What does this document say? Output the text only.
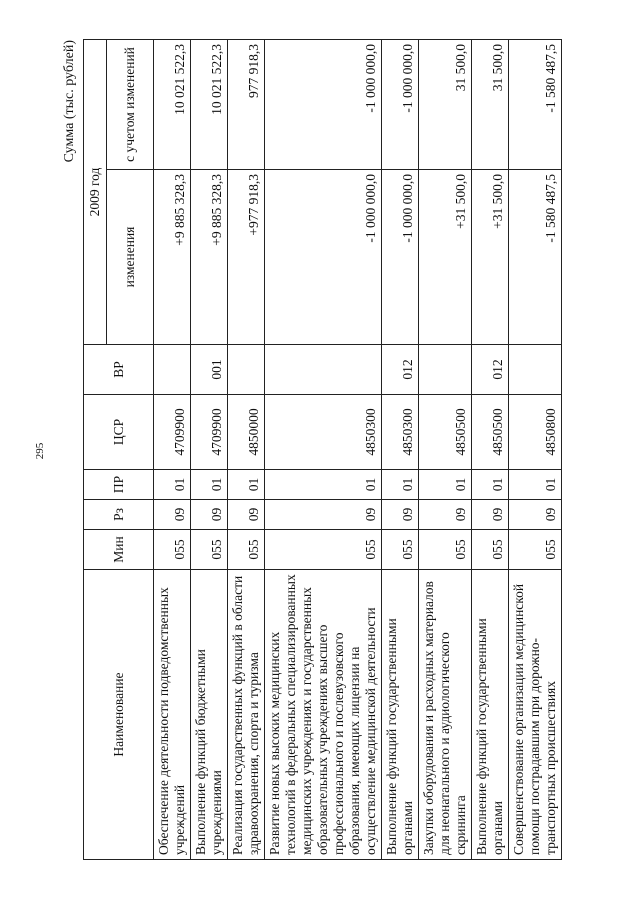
295
Сумма (тыс. рублей)
Наименование	Мин	Рз	ПР	ЦСР	ВР	2009 год	
						изменения	с учетом изменений
Обеспечение деятельности подведомственных учреждений	055	09	01	4709900		+9 885 328,3	10 021 522,3
Выполнение функций бюджетными учреждениями	055	09	01	4709900	001	+9 885 328,3	10 021 522,3
Реализация государственных функций в области здравоохранения, спорта и туризма	055	09	01	4850000		+977 918,3	977 918,3
Развитие новых высоких медицинских технологий в федеральных специализированных медицинских учреждениях и государственных образовательных учреждениях высшего профессионального и послевузовского образования, имеющих лицензии на осуществление медицинской деятельности	055	09	01	4850300		-1 000 000,0	-1 000 000,0
Выполнение функций государственными органами	055	09	01	4850300	012	-1 000 000,0	-1 000 000,0
Закупки оборудования и расходных материалов для неонатального и аудиологического скрининга	055	09	01	4850500		+31 500,0	31 500,0
Выполнение функций государственными органами	055	09	01	4850500	012	+31 500,0	31 500,0
Совершенствование организации медицинской помощи пострадавшим при дорожно-транспортных происшествиях	055	09	01	4850800		-1 580 487,5	-1 580 487,5
